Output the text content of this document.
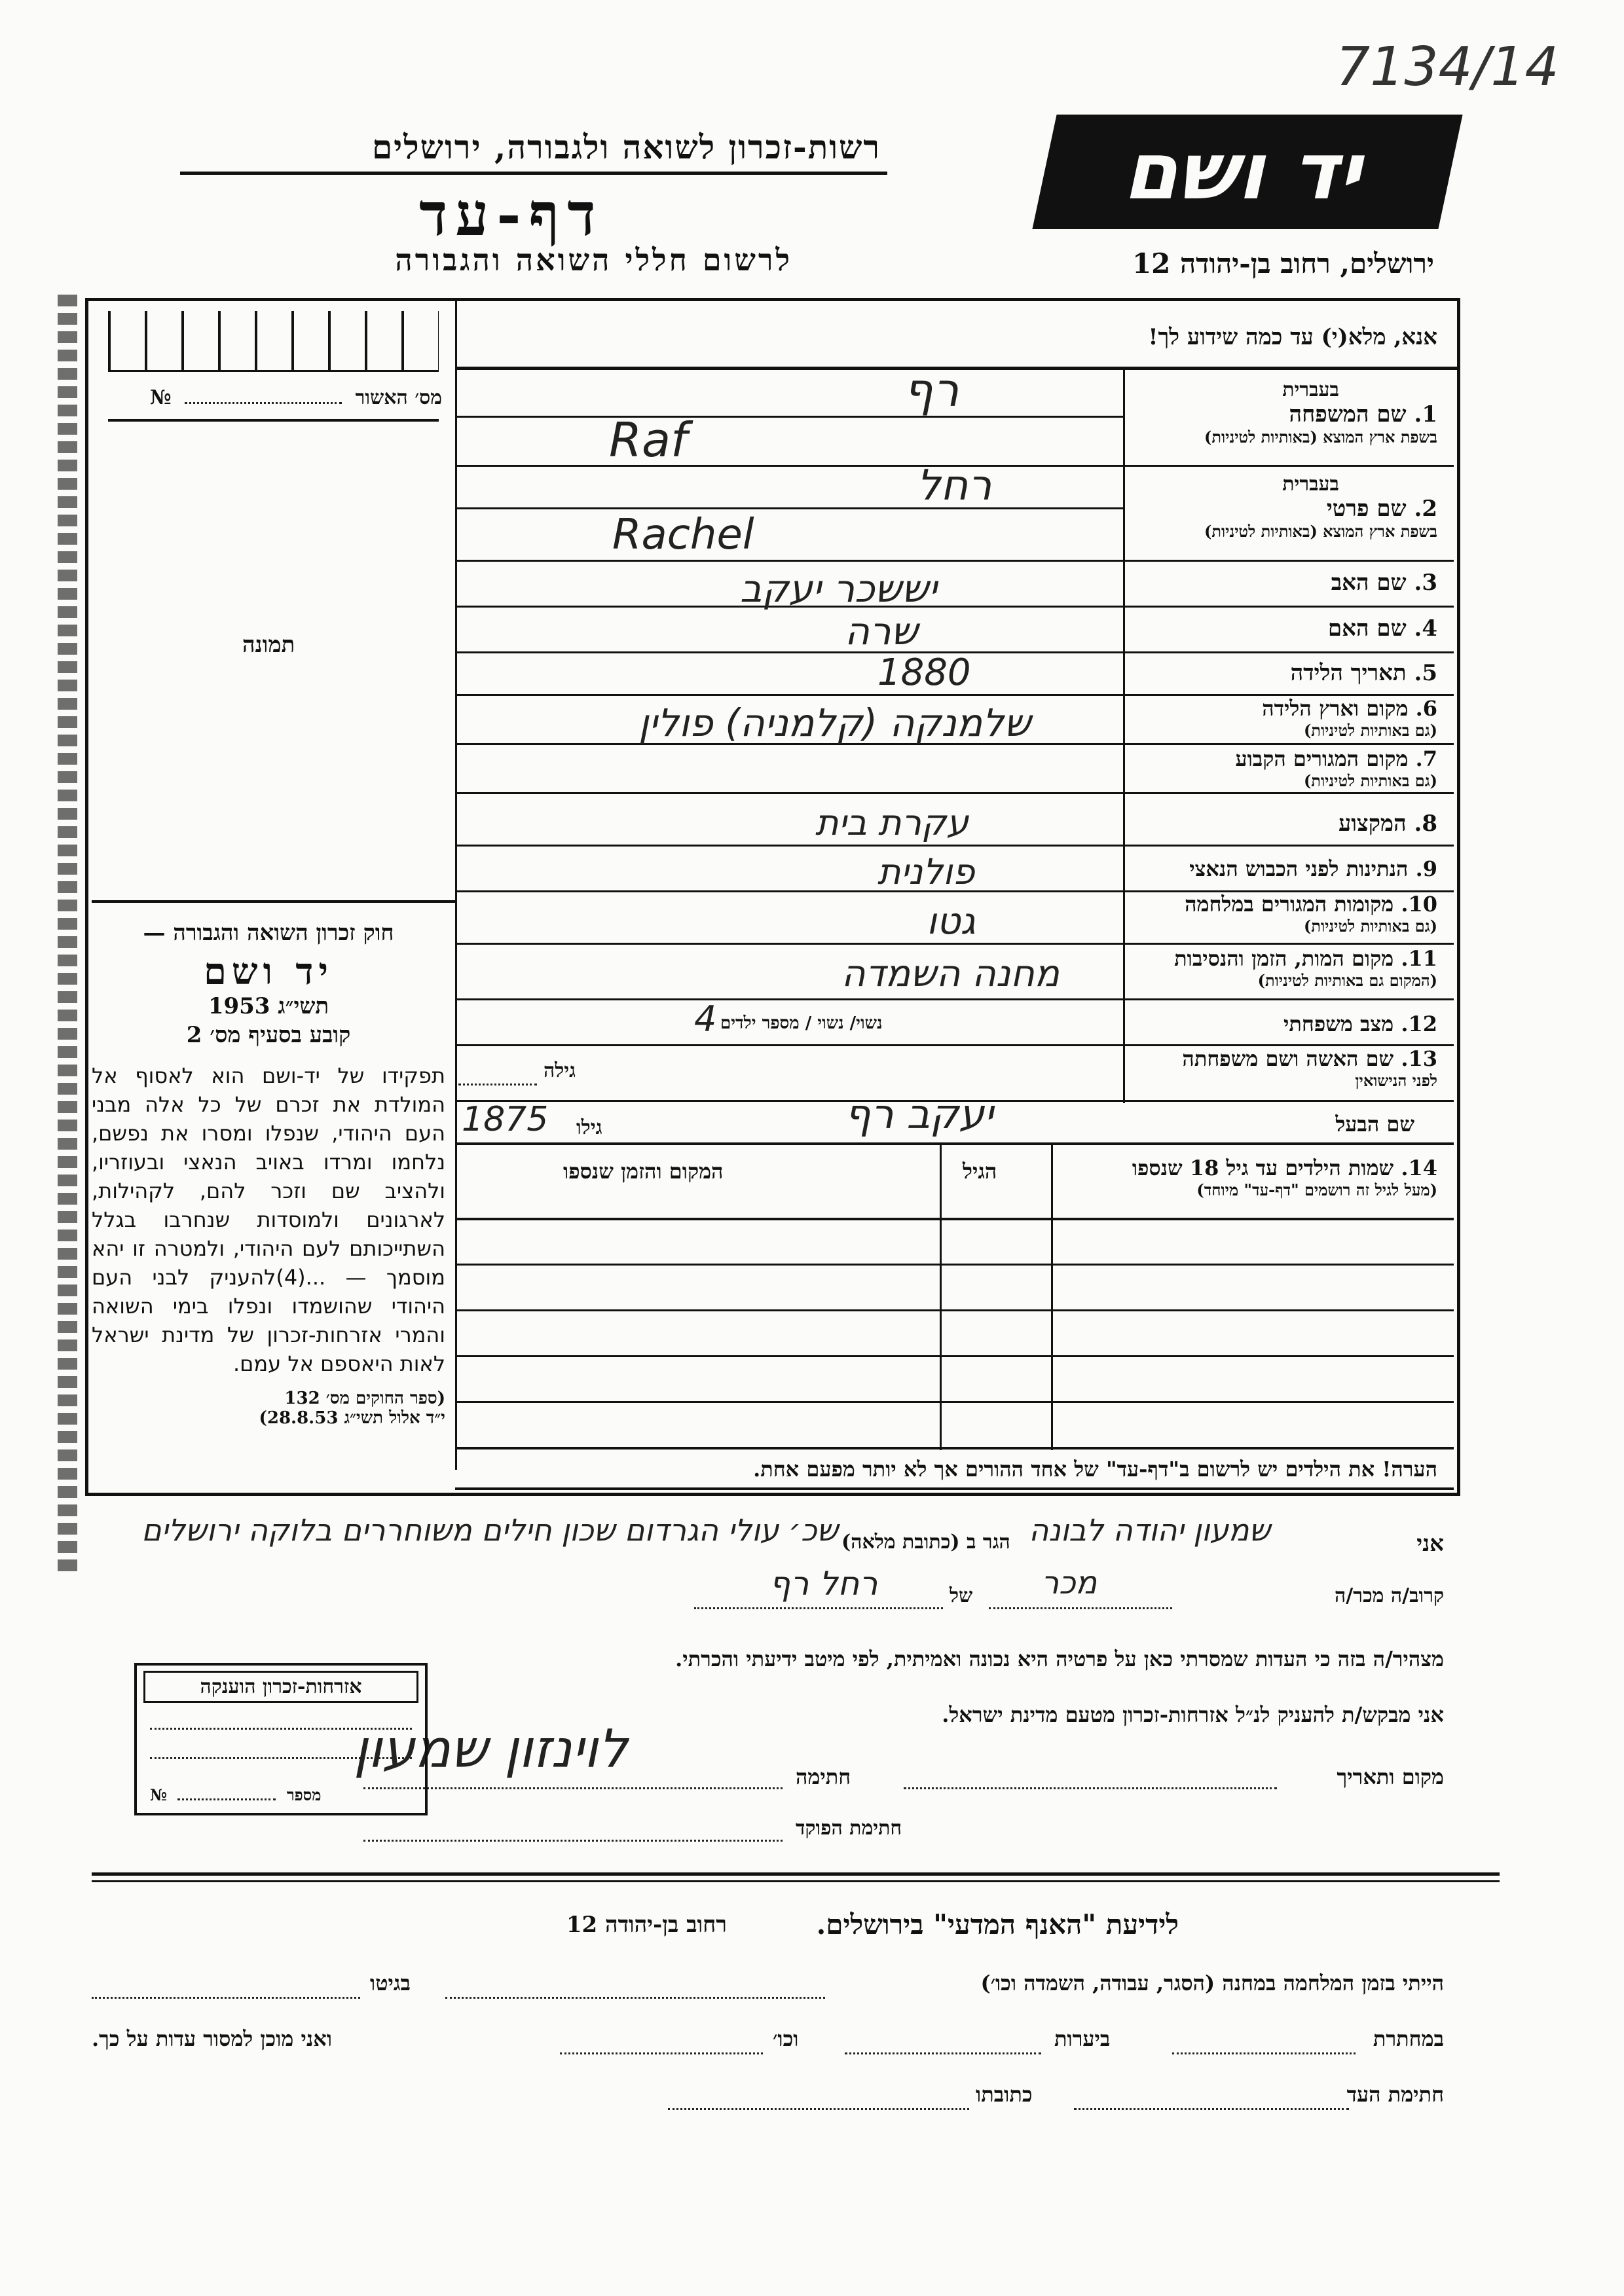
7134/14
רשות-זכרון לשואה ולגבורה, ירושלים
דף-עד
לרשום חללי השואה והגבורה
יד ושם
ירושלים, רחוב בן-יהודה 12
מס׳ האשור  №
תמונה
חוק זכרון השואה והגבורה —
יד ושם
תשי״ג 1953
קובע בסעיף מס׳ 2
תפקידו של יד-ושם הוא לאסוף אל המולדת את זכרם של כל אלה מבני העם היהודי, שנפלו ומסרו את נפשם, נלחמו ומרדו באויב הנאצי ובעוזריו, ולהציב שם וזכר להם, לקהילות, לארגונים ולמוסדות שנחרבו בגלל השתייכותם לעם היהודי, ולמטרה זו יהא מוסמך — ...(4)להעניק לבני העם היהודי שהושמדו ונפלו בימי השואה והמרי אזרחות-זכרון של מדינת ישראל לאות היאספם אל עמם.
(ספר החוקים מס׳ 132
י״ד אלול תשי״ג 28.8.53)
אנא, מלא(י) עד כמה שידוע לך!
בעברית
1. שם המשפחה
בשפת ארץ המוצא (באותיות לטיניות)
רף
Raf
בעברית
2. שם פרטי
בשפת ארץ המוצא (באותיות לטיניות)
רחל
Rachel
3. שם האב
4. שם האם
5. תאריך הלידה
6. מקום וארץ הלידה
(גם באותיות לטיניות)
7. מקום המגורים הקבוע
(גם באותיות לטיניות)
8. המקצוע
9. הנתינות לפני הכבוש הנאצי
10. מקומות המגורים במלחמה
(גם באותיות לטיניות)
11. מקום המות, הזמן והנסיבות
(המקום גם באותיות לטיניות)
12. מצב משפחתי
13. שם האשה ושם משפחתה
לפני הנישואין
שם הבעל
יששכר יעקב
שרה
1880
שלמנקה (קלמניה) פולין
עקרת בית
פולנית
גטו
מחנה השמדה
נשוי/ נשוי / מספר ילדים
4
גילה
1875 גילו	יעקב רף
14. שמות הילדים עד גיל 18 שנספו
(מעל לגיל זה רושמים "דף-עד" מיוחד)
הגיל
המקום והזמן שנספו
הערה! את הילדים יש לרשום ב"דף-עד" של אחד ההורים אך לא יותר מפעם אחת.
אני
שמעון יהודה לבונה
הגר ב (כתובת מלאה)
שכ׳ עולי הגרדום שכון חילים משוחררים בלוקה ירושלים
קרוב/ה מכר/ה
מכר
של
רחל רף
מצהיר/ה בזה כי העדות שמסרתי כאן על פרטיה היא נכונה ואמיתית, לפי מיטב ידיעתי והכרתי.
אני מבקש/ת להעניק לנ״ל אזרחות-זכרון מטעם מדינת ישראל.
מקום ותאריך
חתימה
לוינזון שמעון
חתימת הפוקד
אזרחות-זכרון הוענקה
מספר  №
לידיעת "האנף המדעי" בירושלים.
רחוב בן-יהודה 12
הייתי בזמן המלחמה במחנה (הסגר, עבודה, השמדה וכו׳)
בגיטו
במחתרת
ביערות
וכו׳
ואני מוכן למסור עדות על כך.
חתימת העד
כתובתו
